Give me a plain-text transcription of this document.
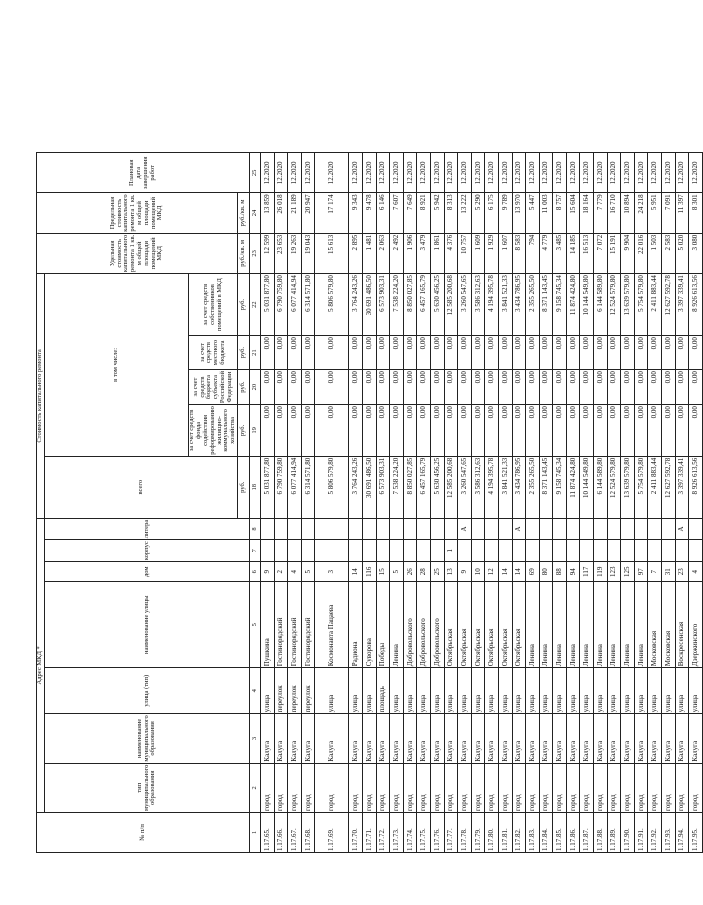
№ п/п	Адрес МКД *							Стоимость капитального ремонта					Удельная стоимость капитального ремонта 1 кв. м общей площади помещений МКД	Предельная стоимость капитального ремонта 1 кв. м общей площади помещений МКД	Плановая дата завершения работ
	тип муниципального образования	наименование муниципального образования	улица (тип)	наименование улицы	дом	корпус	литера	всего	в том числе:						
									за счет средств фонда содействия реформированию жилищно-коммунального хозяйства	за счет средств бюджета субъекта Российской Федерации	за счет средств местного бюджета	за счет средств собственников помещений в МКД			
								руб.	руб.	руб.	руб.	руб.	руб./кв. м	руб./кв. м	
1	2	3	4	5	6	7	8	18	19	20	21	22	23	24	25
1.17.65.	город	Калуга	улица	Пушкина	9			5 031 877,80	0,00	0,00	0,00	5 031 877,80	12 599	13 859	12.2020
1.17.66.	город	Калуга	переулок	Гостинорядский	2			6 790 759,80	0,00	0,00	0,00	6 790 759,80	23 653	26 018	12.2020
1.17.67.	город	Калуга	переулок	Гостинорядский	4			6 077 414,94	0,00	0,00	0,00	6 077 414,94	19 263	21 189	12.2020
1.17.68.	город	Калуга	переулок	Гостинорядский	5			6 314 571,80	0,00	0,00	0,00	6 314 571,80	19 043	20 947	12.2020
1.17.69.	город	Калуга	улица	Космонавта Пацаева	3			5 806 579,80	0,00	0,00	0,00	5 806 579,80	15 613	17 174	12.2020
1.17.70.	город	Калуга	улица	Радиона	14			3 764 243,26	0,00	0,00	0,00	3 764 243,26	2 895	9 343	12.2020
1.17.71.	город	Калуга	улица	Суворова	116			30 691 486,50	0,00	0,00	0,00	30 691 486,50	1 481	9 478	12.2020
1.17.72.	город	Калуга	площадь	Победы	15			6 573 903,31	0,00	0,00	0,00	6 573 903,31	2 063	6 146	12.2020
1.17.73.	город	Калуга	улица	Ленина	5			7 538 224,20	0,00	0,00	0,00	7 538 224,20	2 492	7 607	12.2020
1.17.74.	город	Калуга	улица	Добровольского	26			8 850 027,85	0,00	0,00	0,00	8 850 027,85	1 906	7 649	12.2020
1.17.75.	город	Калуга	улица	Добровольского	28			6 457 165,79	0,00	0,00	0,00	6 457 165,79	3 479	8 921	12.2020
1.17.76.	город	Калуга	улица	Добровольского	25			5 630 456,25	0,00	0,00	0,00	5 630 456,25	1 861	5 942	12.2020
1.17.77.	город	Калуга	улица	Октябрьская	13	1		12 585 200,68	0,00	0,00	0,00	12 585 200,68	4 376	8 313	12.2020
1.17.78.	город	Калуга	улица	Октябрьская	9		А	3 260 547,65	0,00	0,00	0,00	3 260 547,65	10 757	13 222	12.2020
1.17.79.	город	Калуга	улица	Октябрьская	10			3 586 312,63	0,00	0,00	0,00	3 586 312,63	1 609	5 290	12.2020
1.17.80.	город	Калуга	улица	Октябрьская	12			4 194 395,78	0,00	0,00	0,00	4 194 395,78	1 929	6 175	12.2020
1.17.81.	город	Калуга	улица	Октябрьская	14			3 841 521,33	0,00	0,00	0,00	3 841 521,33	1 607	9 789	12.2020
1.17.82.	город	Калуга	улица	Октябрьская	14		А	3 434 786,95	0,00	0,00	0,00	3 434 786,95	8 583	13 970	12.2020
1.17.83.	город	Калуга	улица	Ленина	69			2 355 265,50	0,00	0,00	0,00	2 355 265,50	794	5 447	12.2020
1.17.84.	город	Калуга	улица	Ленина	80			8 371 143,45	0,00	0,00	0,00	8 371 143,45	4 779	11 003	12.2020
1.17.85.	город	Калуга	улица	Ленина	88			9 158 745,34	0,00	0,00	0,00	9 158 745,34	3 485	8 757	12.2020
1.17.86.	город	Калуга	улица	Ленина	94			11 874 424,80	0,00	0,00	0,00	11 874 424,80	14 185	15 604	12.2020
1.17.87.	город	Калуга	улица	Ленина	117			10 144 549,80	0,00	0,00	0,00	10 144 549,80	16 513	18 164	12.2020
1.17.88.	город	Калуга	улица	Ленина	119			6 144 589,80	0,00	0,00	0,00	6 144 589,80	7 072	7 779	12.2020
1.17.89.	город	Калуга	улица	Ленина	123			12 524 579,80	0,00	0,00	0,00	12 524 579,80	15 191	16 710	12.2020
1.17.90.	город	Калуга	улица	Ленина	125			13 639 579,80	0,00	0,00	0,00	13 639 579,80	9 904	10 894	12.2020
1.17.91.	город	Калуга	улица	Ленина	97			5 754 579,80	0,00	0,00	0,00	5 754 579,80	22 016	24 218	12.2020
1.17.92.	город	Калуга	улица	Московская	7			2 411 883,44	0,00	0,00	0,00	2 411 883,44	1 503	5 951	12.2020
1.17.93.	город	Калуга	улица	Московская	31			12 627 592,78	0,00	0,00	0,00	12 627 592,78	2 583	7 091	12.2020
1.17.94.	город	Калуга	улица	Воскресенская	23		А	3 397 339,41	0,00	0,00	0,00	3 397 339,41	5 020	11 397	12.2020
1.17.95.	город	Калуга	улица	Дзержинского	4			8 926 613,56	0,00	0,00	0,00	8 926 613,56	3 080	8 301	12.2020
